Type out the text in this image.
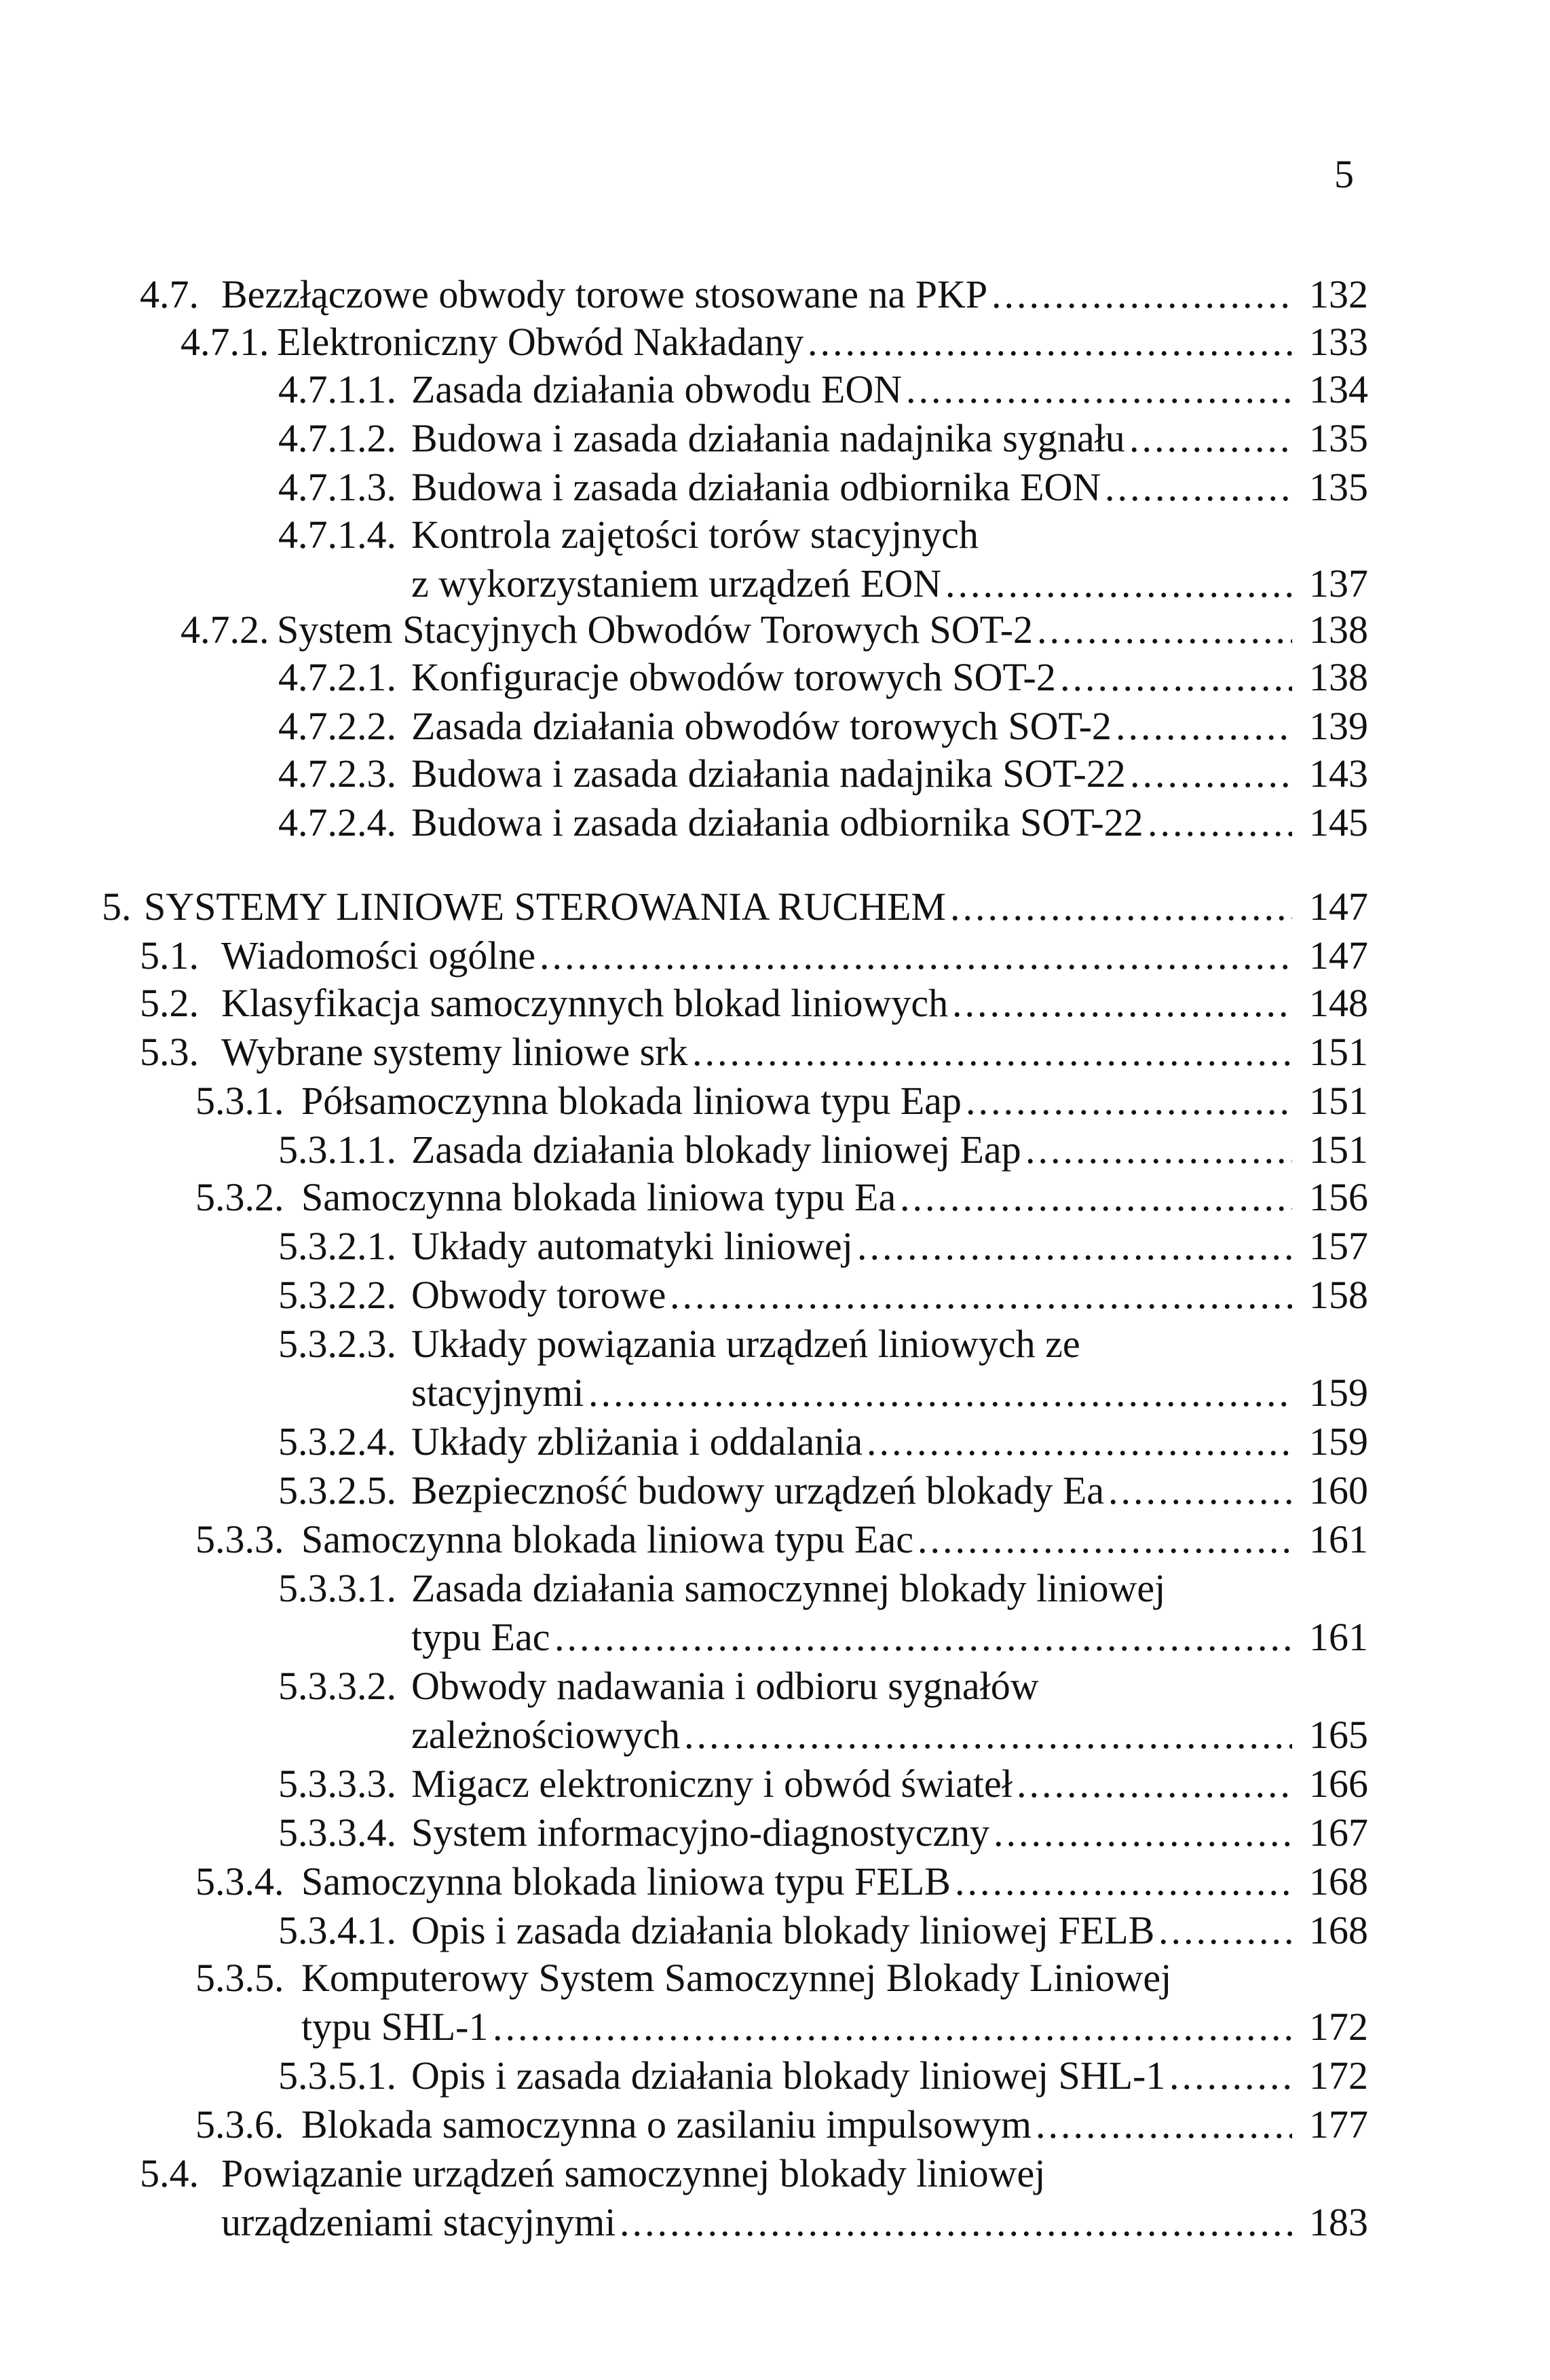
5
4.7. Bezzłączowe obwody torowe stosowane na PKP	132
.....
4.7.1. Elektroniczny Obwód Nakładany	133
.....
4.7.1.1. Zasada działania obwodu EON	134
.....
4.7.1.2. Budowa i zasada działania nadajnika sygnału	135
.....
4.7.1.3. Budowa i zasada działania odbiornika EON	135
.....
4.7.1.4. Kontrola zajętości torów stacyjnych
z wykorzystaniem urządzeń EON	137
.....
4.7.2. System Stacyjnych Obwodów Torowych SOT-2	138
.....
4.7.2.1. Konfiguracje obwodów torowych SOT-2	138
.....
4.7.2.2. Zasada działania obwodów torowych SOT-2	139
.....
4.7.2.3. Budowa i zasada działania nadajnika SOT-22	143
.....
4.7.2.4. Budowa i zasada działania odbiornika SOT-22	145
.....
5. SYSTEMY LINIOWE STEROWANIA RUCHEM	147
.....
5.1. Wiadomości ogólne	147
.....
5.2. Klasyfikacja samoczynnych blokad liniowych	148
.....
5.3. Wybrane systemy liniowe srk	151
.....
5.3.1. Półsamoczynna blokada liniowa typu Eap	151
.....
5.3.1.1. Zasada działania blokady liniowej Eap	151
.....
5.3.2. Samoczynna blokada liniowa typu Ea	156
.....
5.3.2.1. Układy automatyki liniowej	157
.....
5.3.2.2. Obwody torowe	158
.....
5.3.2.3. Układy powiązania urządzeń liniowych ze
stacyjnymi	159
.....
5.3.2.4. Układy zbliżania i oddalania	159
.....
5.3.2.5. Bezpieczność budowy urządzeń blokady Ea	160
.....
5.3.3. Samoczynna blokada liniowa typu Eac	161
.....
5.3.3.1. Zasada działania samoczynnej blokady liniowej
typu Eac	161
.....
5.3.3.2. Obwody nadawania i odbioru sygnałów
zależnościowych	165
.....
5.3.3.3. Migacz elektroniczny i obwód świateł	166
.....
5.3.3.4. System informacyjno-diagnostyczny	167
.....
5.3.4. Samoczynna blokada liniowa typu FELB	168
.....
5.3.4.1. Opis i zasada działania blokady liniowej FELB	168
.....
5.3.5. Komputerowy System Samoczynnej Blokady Liniowej
typu SHL-1	172
.....
5.3.5.1. Opis i zasada działania blokady liniowej SHL-1	172
.....
5.3.6. Blokada samoczynna o zasilaniu impulsowym	177
.....
5.4. Powiązanie urządzeń samoczynnej blokady liniowej
urządzeniami stacyjnymi	183
.....
